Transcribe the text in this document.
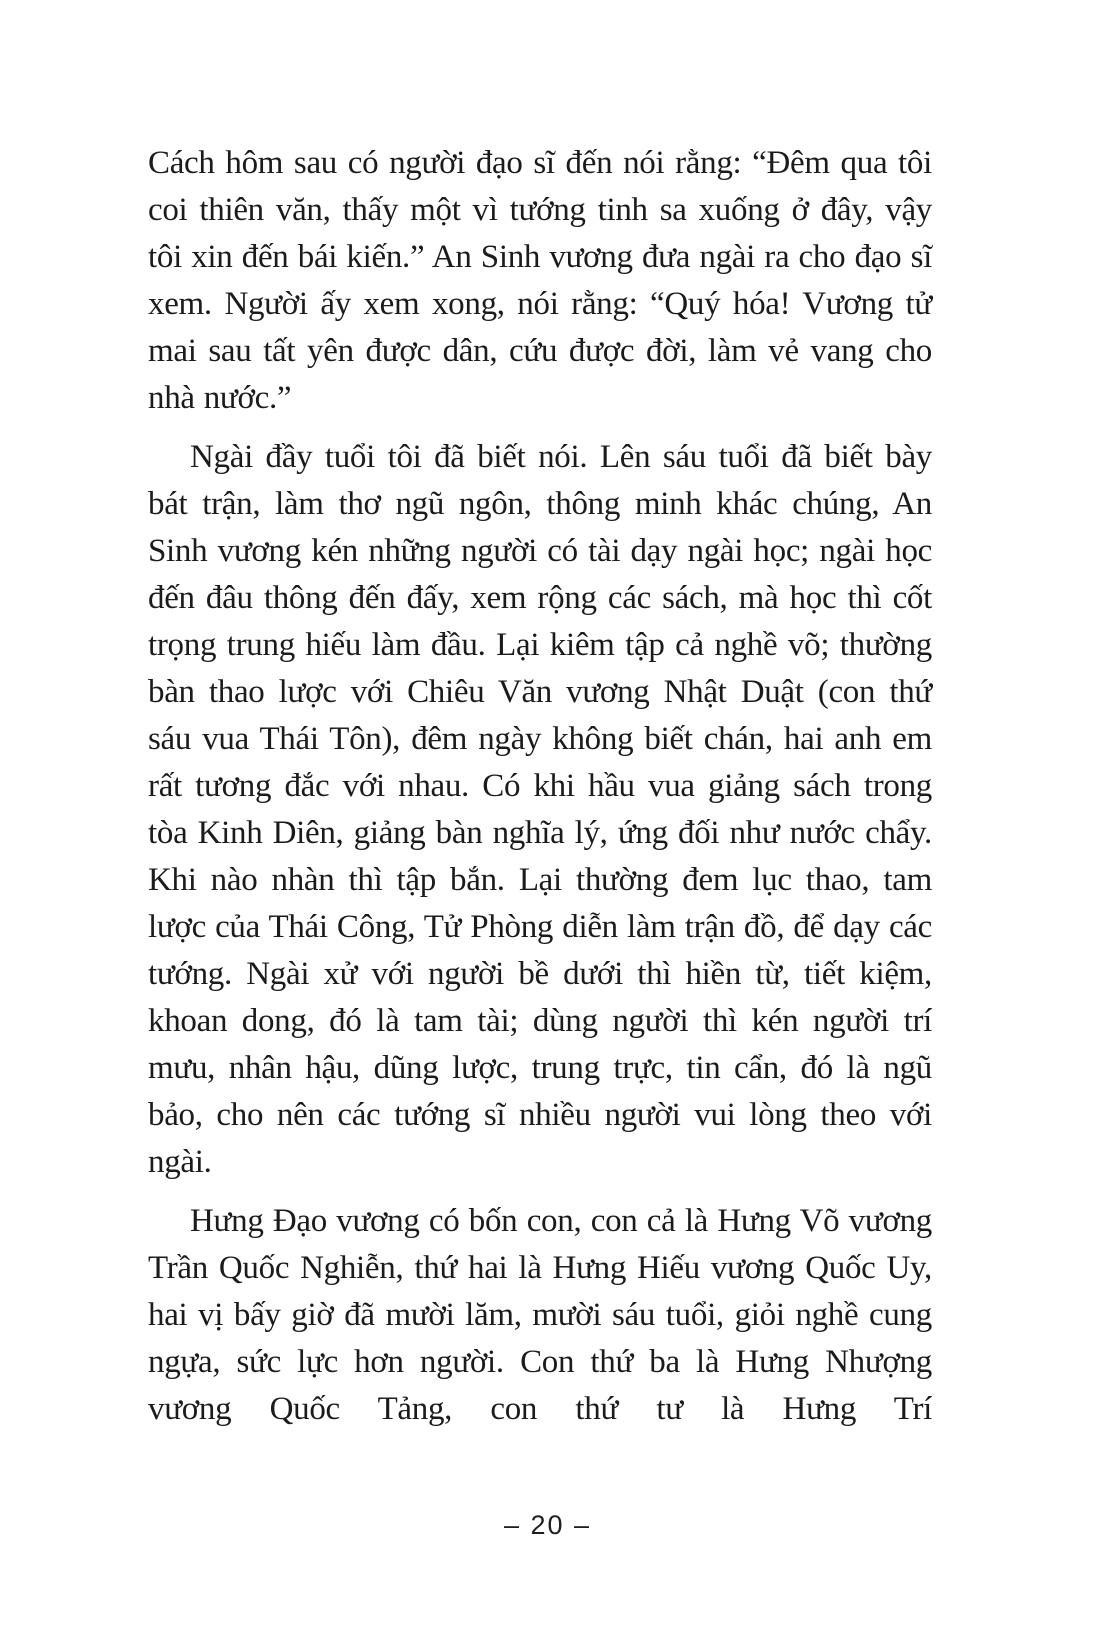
Cách hôm sau có người đạo sĩ đến nói rằng: “Đêm qua tôi coi thiên văn, thấy một vì tướng tinh sa xuống ở đây, vậy tôi xin đến bái kiến.” An Sinh vương đưa ngài ra cho đạo sĩ xem. Người ấy xem xong, nói rằng: “Quý hóa! Vương tử mai sau tất yên được dân, cứu được đời, làm vẻ vang cho nhà nước.”

Ngài đầy tuổi tôi đã biết nói. Lên sáu tuổi đã biết bày bát trận, làm thơ ngũ ngôn, thông minh khác chúng, An Sinh vương kén những người có tài dạy ngài học; ngài học đến đâu thông đến đấy, xem rộng các sách, mà học thì cốt trọng trung hiếu làm đầu. Lại kiêm tập cả nghề võ; thường bàn thao lược với Chiêu Văn vương Nhật Duật (con thứ sáu vua Thái Tôn), đêm ngày không biết chán, hai anh em rất tương đắc với nhau. Có khi hầu vua giảng sách trong tòa Kinh Diên, giảng bàn nghĩa lý, ứng đối như nước chẩy. Khi nào nhàn thì tập bắn. Lại thường đem lục thao, tam lược của Thái Công, Tử Phòng diễn làm trận đồ, để dạy các tướng. Ngài xử với người bề dưới thì hiền từ, tiết kiệm, khoan dong, đó là tam tài; dùng người thì kén người trí mưu, nhân hậu, dũng lược, trung trực, tin cẩn, đó là ngũ bảo, cho nên các tướng sĩ nhiều người vui lòng theo với ngài.

Hưng Đạo vương có bốn con, con cả là Hưng Võ vương Trần Quốc Nghiễn, thứ hai là Hưng Hiếu vương Quốc Uy, hai vị bấy giờ đã mười lăm, mười sáu tuổi, giỏi nghề cung ngựa, sức lực hơn người. Con thứ ba là Hưng Nhượng vương Quốc Tảng, con thứ tư là Hưng Trí

– 20 –
